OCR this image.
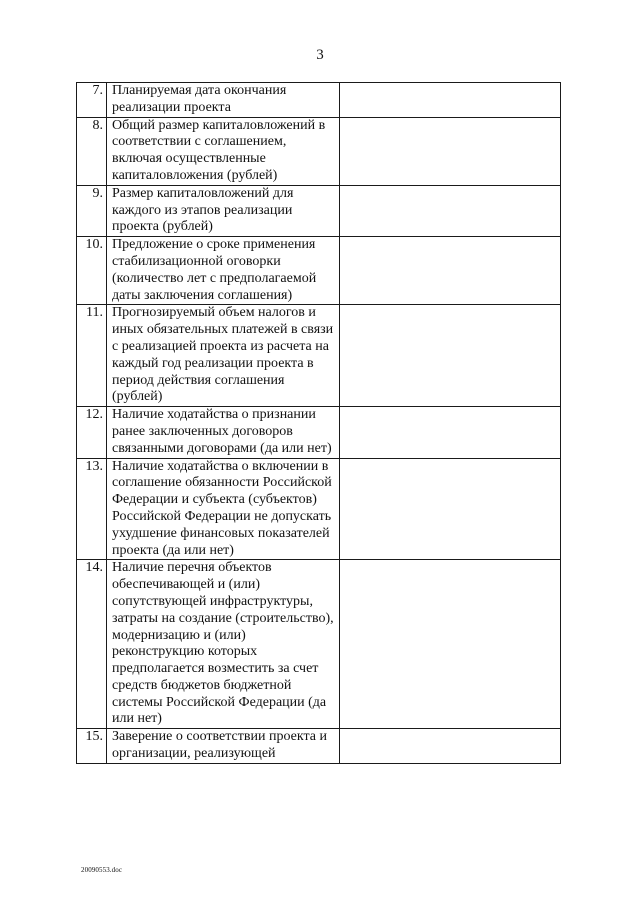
3
7.	Планируемая дата окончания реализации проекта	
8.	Общий размер капиталовложений в соответствии с соглашением, включая осуществленные капиталовложения (рублей)	
9.	Размер капиталовложений для каждого из этапов реализации проекта (рублей)	
10.	Предложение о сроке применения стабилизационной оговорки (количество лет с предполагаемой даты заключения соглашения)	
11.	Прогнозируемый объем налогов и иных обязательных платежей в связи с реализацией проекта из расчета на каждый год реализации проекта в период действия соглашения (рублей)	
12.	Наличие ходатайства о признании ранее заключенных договоров связанными договорами (да или нет)	
13.	Наличие ходатайства о включении в соглашение обязанности Российской Федерации и субъекта (субъектов) Российской Федерации не допускать ухудшение финансовых показателей проекта (да или нет)	
14.	Наличие перечня объектов обеспечивающей и (или) сопутствующей инфраструктуры, затраты на создание (строительство), модернизацию и (или) реконструкцию которых предполагается возместить за счет средств бюджетов бюджетной системы Российской Федерации (да или нет)	
15.	Заверение о соответствии проекта и организации, реализующей	
20090553.doc
